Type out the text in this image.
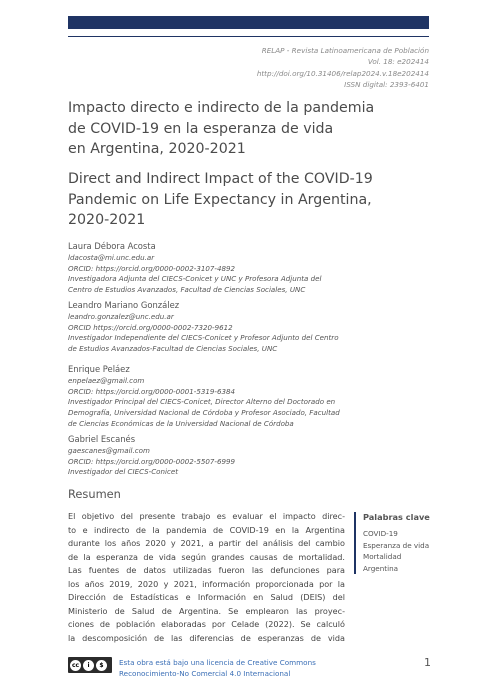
RELAP - Revista Latinoamericana de Población
Vol. 18: e202414
http://doi.org/10.31406/relap2024.v.18e202414
ISSN digital: 2393-6401
Impacto directo e indirecto de la pandemia
de COVID-19 en la esperanza de vida
en Argentina, 2020-2021
Direct and Indirect Impact of the COVID-19
Pandemic on Life Expectancy in Argentina,
2020-2021
Laura Débora Acosta
ldacosta@mi.unc.edu.ar
ORCID: https://orcid.org/0000-0002-3107-4892
Investigadora Adjunta del CIECS-Conicet y UNC y Profesora Adjunta del
Centro de Estudios Avanzados, Facultad de Ciencias Sociales, UNC
Leandro Mariano González
leandro.gonzalez@unc.edu.ar
ORCID https://orcid.org/0000-0002-7320-9612
Investigador Independiente del CIECS-Conicet y Profesor Adjunto del Centro
de Estudios Avanzados-Facultad de Ciencias Sociales, UNC
Enrique Peláez
enpelaez@gmail.com
ORCID: https://orcid.org/0000-0001-5319-6384
Investigador Principal del CIECS-Conicet, Director Alterno del Doctorado en
Demografía, Universidad Nacional de Córdoba y Profesor Asociado, Facultad
de Ciencias Económicas de la Universidad Nacional de Córdoba
Gabriel Escanés
gaescanes@gmail.com
ORCID: https://orcid.org/0000-0002-5507-6999
Investigador del CIECS-Conicet
Resumen
El objetivo del presente trabajo es evaluar el impacto direc-
to e indirecto de la pandemia de COVID-19 en la Argentina
durante los años 2020 y 2021, a partir del análisis del cambio
de la esperanza de vida según grandes causas de mortalidad.
Las fuentes de datos utilizadas fueron las defunciones para
los años 2019, 2020 y 2021, información proporcionada por la
Dirección de Estadísticas e Información en Salud (DEIS) del
Ministerio de Salud de Argentina. Se emplearon las proyec-
ciones de población elaboradas por Celade (2022). Se calculó
la descomposición de las diferencias de esperanzas de vida
Palabras clave
COVID-19
Esperanza de vida
Mortalidad
Argentina
cc	i	$	Esta obra está bajo una licencia de Creative Commons
Reconocimiento-No Comercial 4.0 Internacional
1
